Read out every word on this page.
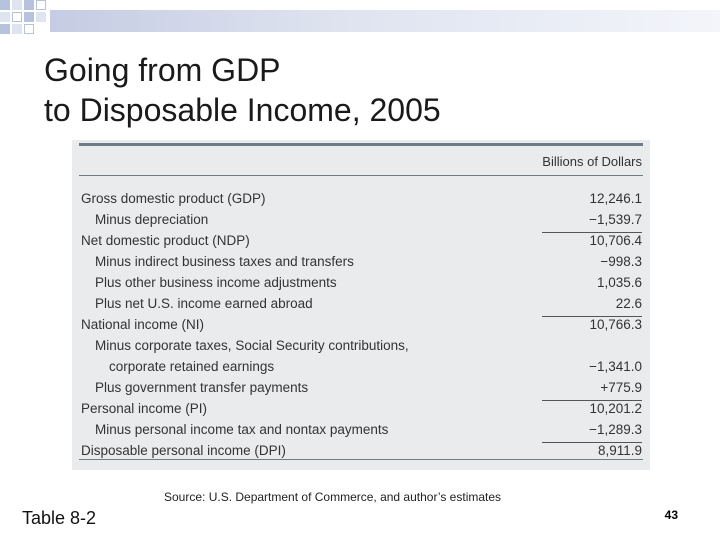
Going from GDP
to Disposable Income, 2005
Billions of Dollars
Gross domestic product (GDP)	12,246.1
Minus depreciation	−1,539.7
Net domestic product (NDP)	10,706.4
Minus indirect business taxes and transfers	−998.3
Plus other business income adjustments	1,035.6
Plus net U.S. income earned abroad	22.6
National income (NI)	10,766.3
Minus corporate taxes, Social Security contributions,
corporate retained earnings	−1,341.0
Plus government transfer payments	+775.9
Personal income (PI)	10,201.2
Minus personal income tax and nontax payments	−1,289.3
Disposable personal income (DPI)	8,911.9
Source: U.S. Department of Commerce, and author’s estimates
Table 8-2	43
